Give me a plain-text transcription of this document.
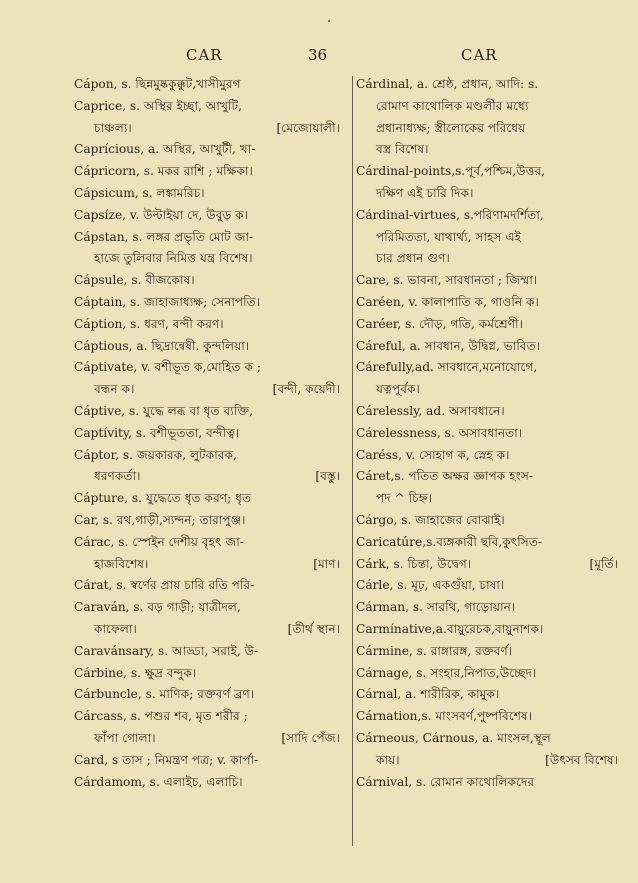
CAR	36	CAR
Cápon, s. ছিন্নমুষ্ককুক্কুট,খাসীমুরগ
Caprice, s. অস্থির ইচ্ছা, আখুটি,
[মেজোয়ালী।
চাঞ্চল্য।
Caprícious, a. অস্থির, আখুটী, খা-
Cápricorn, s. মকর রাশি ; মক্ষিকা।
Cápsicum, s. লঙ্কামরিচ।
Capsíze, v. উল্টাইয়া দে, উবুড় ক।
Cápstan, s. লঙ্গর প্রভৃতি মোট জা-
হাজে তুলিবার নিমিত্ত যন্ত্র বিশেষ।
Cápsule, s. বীজকোষ।
Cáptain, s. জাহাজাধ্যক্ষ; সেনাপতি।
Cáption, s. ধরণ, বন্দী করণ।
Cáptious, a. ছিদ্রান্বেষী. কুন্দলিয়া।
Cáptivate, v. বশীভূত ক,মোহিত ক ;
[বন্দী, কয়েদী।
বন্ধন ক।
Cáptive, s. যুদ্ধে লব্ধ বা ধৃত ব্যক্তি,
Captívity, s. বশীভূততা, বন্দীত্ব।
Cáptor, s. জয়কারক, লুটকারক,
[বস্তু।
ধরণকর্তা।
Cápture, s. যুদ্ধেতে ধৃত করণ; ধৃত
Car, s. রথ,গাড়ী,স্যন্দন; তারাপুঞ্জ।
Cárac, s. স্পেইন দেশীয় বৃহৎ জা-
[মাণ।
হাজবিশেষ।
Cárat, s. স্বর্ণের প্রায় চারি রতি পরি-
Caraván, s. বড় গাড়ী; যাত্রীদল,
[তীর্থ স্থান।
কাফেলা।
Caravánsary, s. আড্ডা, সরাই, উ-
Cárbine, s. ক্ষুদ্র বন্দুক।
Cárbuncle, s. মাণিক; রক্তবর্ণ ব্রণ।
Cárcass, s. পশুর শব, মৃত শরীর ;
[সাদি পেঁজ।
ফাঁপা গোলা।
Card, s তাস ; নিমন্ত্রণ পত্র; v. কার্পা-
Cárdamom, s. এলাইচ, এলাচি।
Cárdinal, a. শ্রেষ্ঠ, প্রধান, আদি: s.
রোমাণ কাথোলিক মণ্ডলীর মধ্যে
প্রধানাধ্যক্ষ; স্ত্রীলোকের পরিধেয়
বস্ত্র বিশেষ।
Cárdinal-points,s.পূর্ব,পশ্চিম,উত্তর,
দক্ষিণ এই চারি দিক।
Cárdinal-virtues, s.পরিণামদর্শিতা,
পরিমিততা, যাথার্থ্য, সাহস এই
চার প্রধান গুণ।
Care, s. ভাবনা, সাবধানতা ; জিম্মা।
Caréen, v. কালাপাতি ক, গাওনি ক।
Caréer, s. দৌড়, গতি, কর্মশ্রেণী।
Cáreful, a. সাবধান, উদ্বিগ্ন, ভাবিত।
Cárefully,ad. সাবধানে,মনোযোগে,
যত্নপূর্বক।
Cárelessly, ad. অসাবধানে।
Cárelessness, s. অসাবধানতা।
Caréss, v. সোহাগ ক, স্নেহ ক।
Cáret,s. পতিত অক্ষর জ্ঞাপক হংস-
পদ ^ চিহ্ন।
Cárgo, s. জাহাজের বোঝাই।
Caricatúre,s.ব্যঙ্গকারী ছবি,কুৎসিত-
[মূর্তি।
Cárk, s. চিন্তা, উদ্বেগ।
Cárle, s. মূঢ়, একগুঁয়া, চাষা।
Cárman, s. সারথি, গাড়োয়ান।
Carmínative,a.বায়ুরেচক,বায়ুনাশক।
Cármine, s. রাঙ্গারঙ্গ, রক্তবর্ণ।
Cárnage, s. সংহার,নিপাত,উচ্ছেদ।
Cárnal, a. শারীরিক, কামুক।
Cárnation,s. মাংসবর্ণ,পুষ্পবিশেষ।
Cárneous, Cárnous, a. মাংসল,স্থূল
[উৎসব বিশেষ।
কায়।
Cárnival, s. রোমান কাথোলিকদের
